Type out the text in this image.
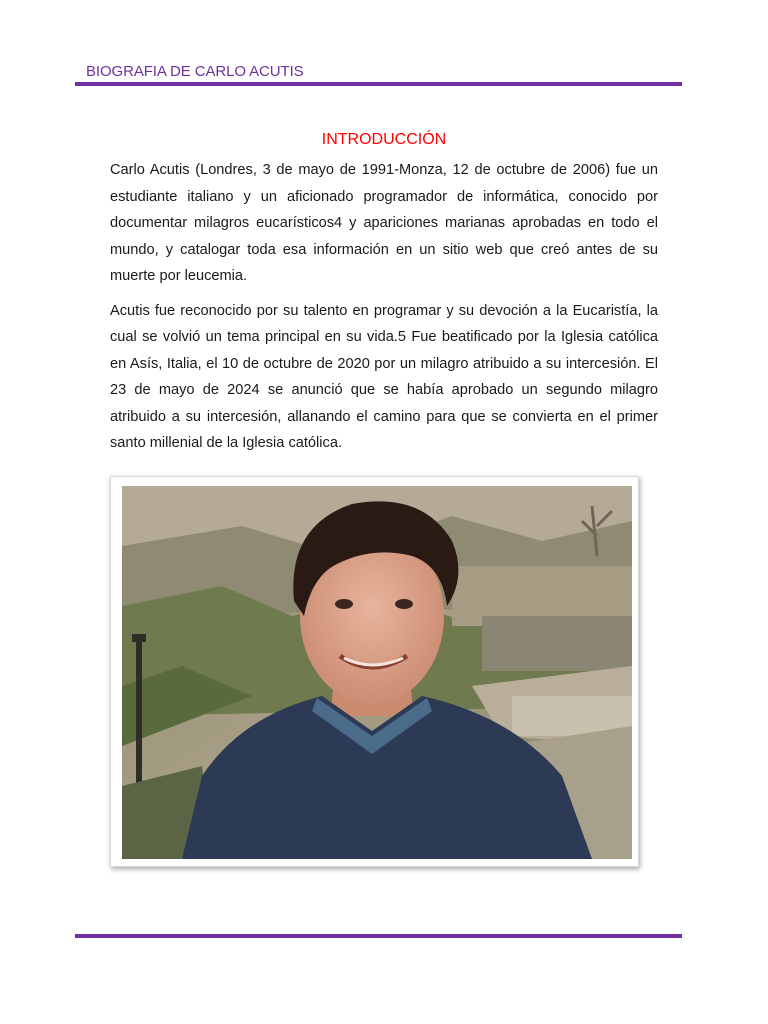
BIOGRAFIA DE CARLO ACUTIS
INTRODUCCIÓN

Carlo Acutis (Londres, 3 de mayo de 1991-Monza, 12 de octubre de 2006) fue un estudiante italiano y un aficionado programador de informática, conocido por documentar milagros eucarísticos4 y apariciones marianas aprobadas en todo el mundo, y catalogar toda esa información en un sitio web que creó antes de su muerte por leucemia.

Acutis fue reconocido por su talento en programar y su devoción a la Eucaristía, la cual se volvió un tema principal en su vida.5 Fue beatificado por la Iglesia católica en Asís, Italia, el 10 de octubre de 2020 por un milagro atribuido a su intercesión. El 23 de mayo de 2024 se anunció que se había aprobado un segundo milagro atribuido a su intercesión, allanando el camino para que se convierta en el primer santo millenial de la Iglesia católica.
